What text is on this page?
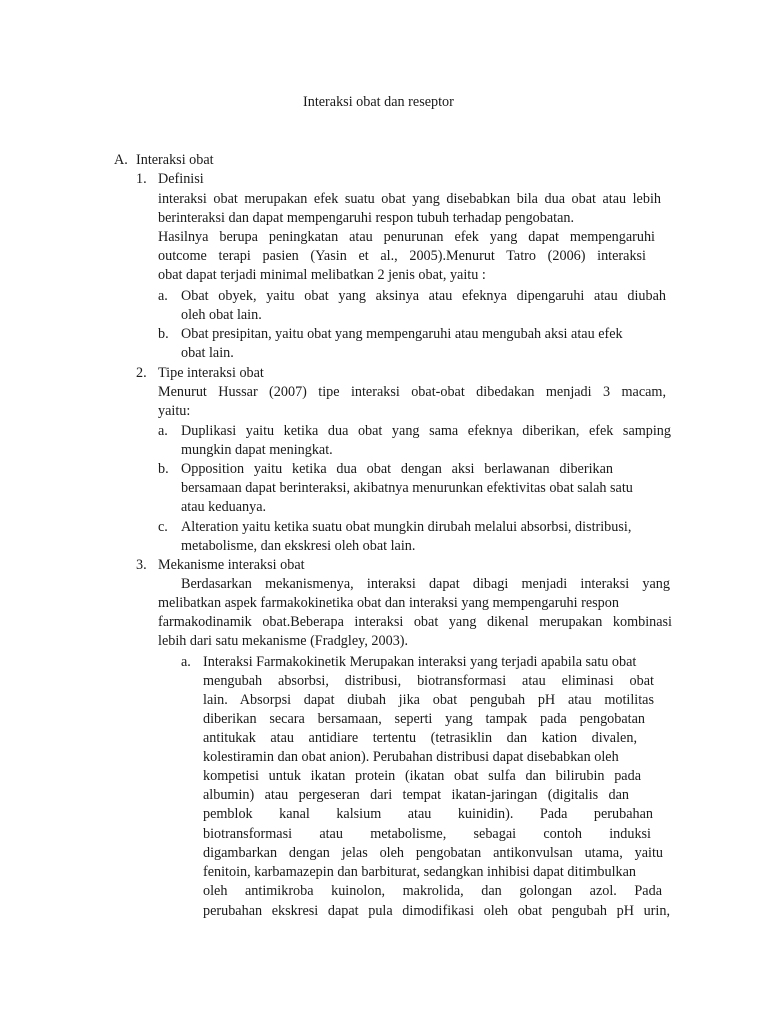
Interaksi obat dan reseptor
A. Interaksi obat
1. Definisi
interaksi obat merupakan efek suatu obat yang disebabkan bila dua obat atau lebih
berinteraksi dan dapat mempengaruhi respon tubuh terhadap pengobatan.
Hasilnya berupa peningkatan atau penurunan efek yang dapat mempengaruhi
outcome terapi pasien (Yasin et al., 2005).Menurut Tatro (2006) interaksi
obat dapat terjadi minimal melibatkan 2 jenis obat, yaitu :
a. Obat obyek, yaitu obat yang aksinya atau efeknya dipengaruhi atau diubah
oleh obat lain.
b. Obat presipitan, yaitu obat yang mempengaruhi atau mengubah aksi atau efek
obat lain.
2. Tipe interaksi obat
Menurut Hussar (2007) tipe interaksi obat-obat dibedakan menjadi 3 macam,
yaitu:
a. Duplikasi yaitu ketika dua obat yang sama efeknya diberikan, efek samping
mungkin dapat meningkat.
b. Opposition yaitu ketika dua obat dengan aksi berlawanan diberikan
bersamaan dapat berinteraksi, akibatnya menurunkan efektivitas obat salah satu
atau keduanya.
c. Alteration yaitu ketika suatu obat mungkin dirubah melalui absorbsi, distribusi,
metabolisme, dan ekskresi oleh obat lain.
3. Mekanisme interaksi obat
Berdasarkan mekanismenya, interaksi dapat dibagi menjadi interaksi yang
melibatkan aspek farmakokinetika obat dan interaksi yang mempengaruhi respon
farmakodinamik obat.Beberapa interaksi obat yang dikenal merupakan kombinasi
lebih dari satu mekanisme (Fradgley, 2003).
a. Interaksi Farmakokinetik Merupakan interaksi yang terjadi apabila satu obat
mengubah absorbsi, distribusi, biotransformasi atau eliminasi obat
lain. Absorpsi dapat diubah jika obat pengubah pH atau motilitas
diberikan secara bersamaan, seperti yang tampak pada pengobatan
antitukak atau antidiare tertentu (tetrasiklin dan kation divalen,
kolestiramin dan obat anion). Perubahan distribusi dapat disebabkan oleh
kompetisi untuk ikatan protein (ikatan obat sulfa dan bilirubin pada
albumin) atau pergeseran dari tempat ikatan-jaringan (digitalis dan
pemblok kanal kalsium atau kuinidin). Pada perubahan
biotransformasi atau metabolisme, sebagai contoh induksi
digambarkan dengan jelas oleh pengobatan antikonvulsan utama, yaitu
fenitoin, karbamazepin dan barbiturat, sedangkan inhibisi dapat ditimbulkan
oleh antimikroba kuinolon, makrolida, dan golongan azol. Pada
perubahan ekskresi dapat pula dimodifikasi oleh obat pengubah pH urin,
